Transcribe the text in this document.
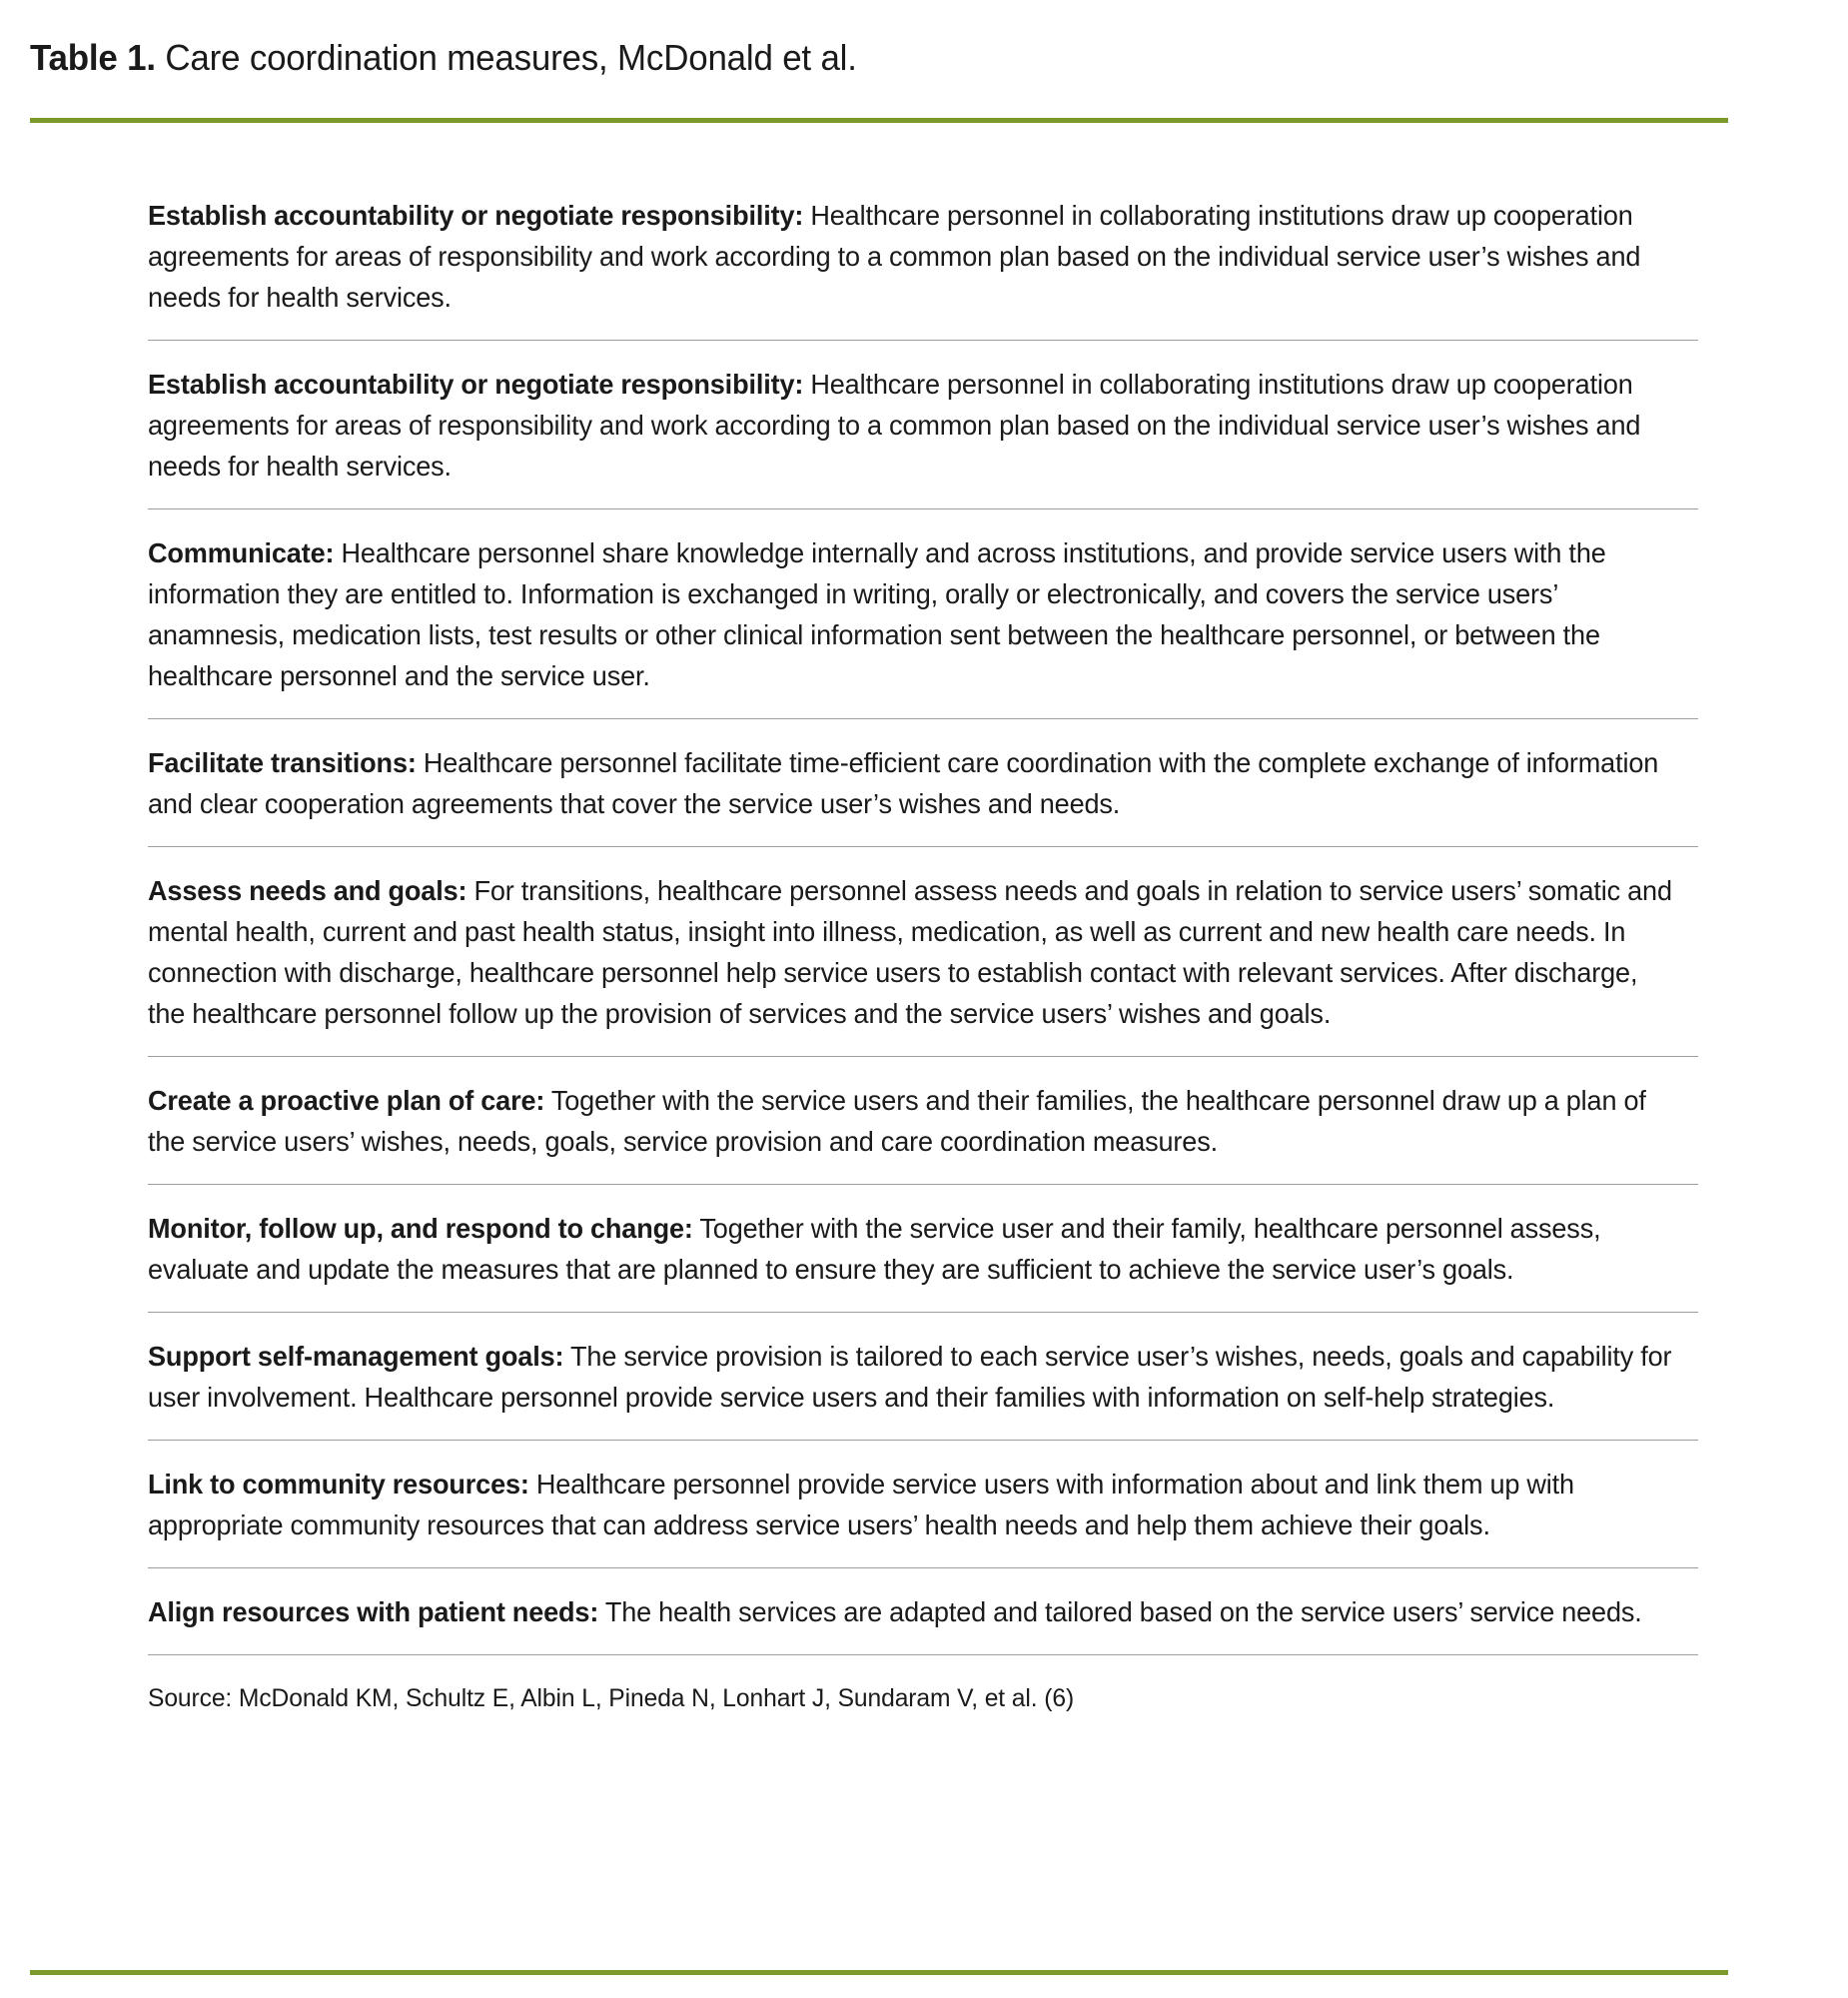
Table 1. Care coordination measures, McDonald et al.
Establish accountability or negotiate responsibility: Healthcare personnel in collaborating institutions draw up cooperation agreements for areas of responsibility and work according to a common plan based on the individual service user’s wishes and needs for health services.
Establish accountability or negotiate responsibility: Healthcare personnel in collaborating institutions draw up cooperation agreements for areas of responsibility and work according to a common plan based on the individual service user’s wishes and needs for health services.
Communicate: Healthcare personnel share knowledge internally and across institutions, and provide service users with the information they are entitled to. Information is exchanged in writing, orally or electronically, and covers the service users’ anamnesis, medication lists, test results or other clinical information sent between the healthcare personnel, or between the healthcare personnel and the service user.
Facilitate transitions: Healthcare personnel facilitate time-efficient care coordination with the complete exchange of information and clear cooperation agreements that cover the service user’s wishes and needs.
Assess needs and goals: For transitions, healthcare personnel assess needs and goals in relation to service users’ somatic and mental health, current and past health status, insight into illness, medication, as well as current and new health care needs. In connection with discharge, healthcare personnel help service users to establish contact with relevant services. After discharge, the healthcare personnel follow up the provision of services and the service users’ wishes and goals.
Create a proactive plan of care: Together with the service users and their families, the healthcare personnel draw up a plan of the service users’ wishes, needs, goals, service provision and care coordination measures.
Monitor, follow up, and respond to change: Together with the service user and their family, healthcare personnel assess, evaluate and update the measures that are planned to ensure they are sufficient to achieve the service user’s goals.
Support self-management goals: The service provision is tailored to each service user’s wishes, needs, goals and capability for user involvement. Healthcare personnel provide service users and their families with information on self-help strategies.
Link to community resources: Healthcare personnel provide service users with information about and link them up with appropriate community resources that can address service users’ health needs and help them achieve their goals.
Align resources with patient needs: The health services are adapted and tailored based on the service users’ service needs.
Source: McDonald KM, Schultz E, Albin L, Pineda N, Lonhart J, Sundaram V, et al. (6)
